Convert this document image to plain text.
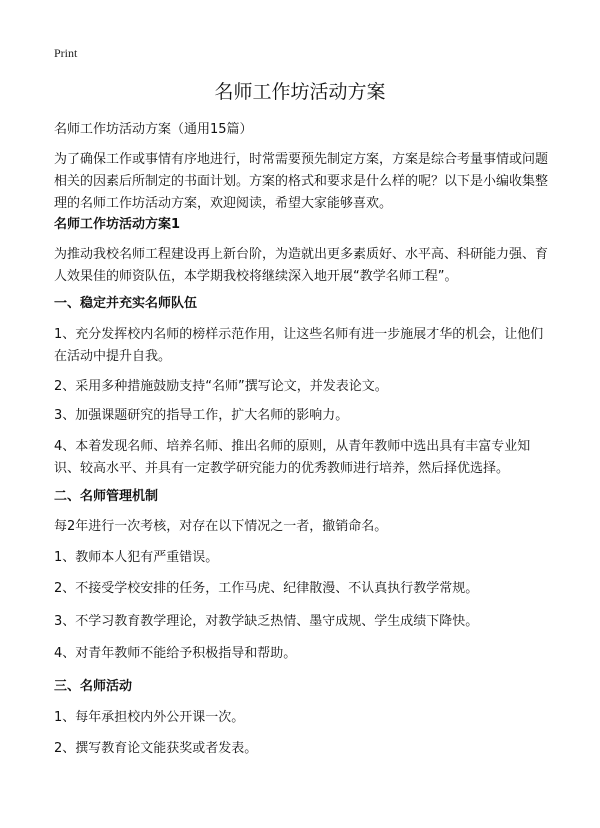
Print
名师工作坊活动方案

名师工作坊活动方案（通用15篇）

为了确保工作或事情有序地进行，时常需要预先制定方案，方案是综合考量事情或问题相关的因素后所制定的书面计划。方案的格式和要求是什么样的呢？以下是小编收集整理的名师工作坊活动方案，欢迎阅读，希望大家能够喜欢。

名师工作坊活动方案1

为推动我校名师工程建设再上新台阶，为造就出更多素质好、水平高、科研能力强、育人效果佳的师资队伍，本学期我校将继续深入地开展“教学名师工程”。

一、稳定并充实名师队伍

1、充分发挥校内名师的榜样示范作用，让这些名师有进一步施展才华的机会，让他们在活动中提升自我。

2、采用多种措施鼓励支持“名师”撰写论文，并发表论文。

3、加强课题研究的指导工作，扩大名师的影响力。

4、本着发现名师、培养名师、推出名师的原则，从青年教师中选出具有丰富专业知识、较高水平、并具有一定教学研究能力的优秀教师进行培养，然后择优选择。

二、名师管理机制

每2年进行一次考核，对存在以下情况之一者，撤销命名。

1、教师本人犯有严重错误。

2、不接受学校安排的任务，工作马虎、纪律散漫、不认真执行教学常规。

3、不学习教育教学理论，对教学缺乏热情、墨守成规、学生成绩下降快。

4、对青年教师不能给予积极指导和帮助。

三、名师活动

1、每年承担校内外公开课一次。

2、撰写教育论文能获奖或者发表。
